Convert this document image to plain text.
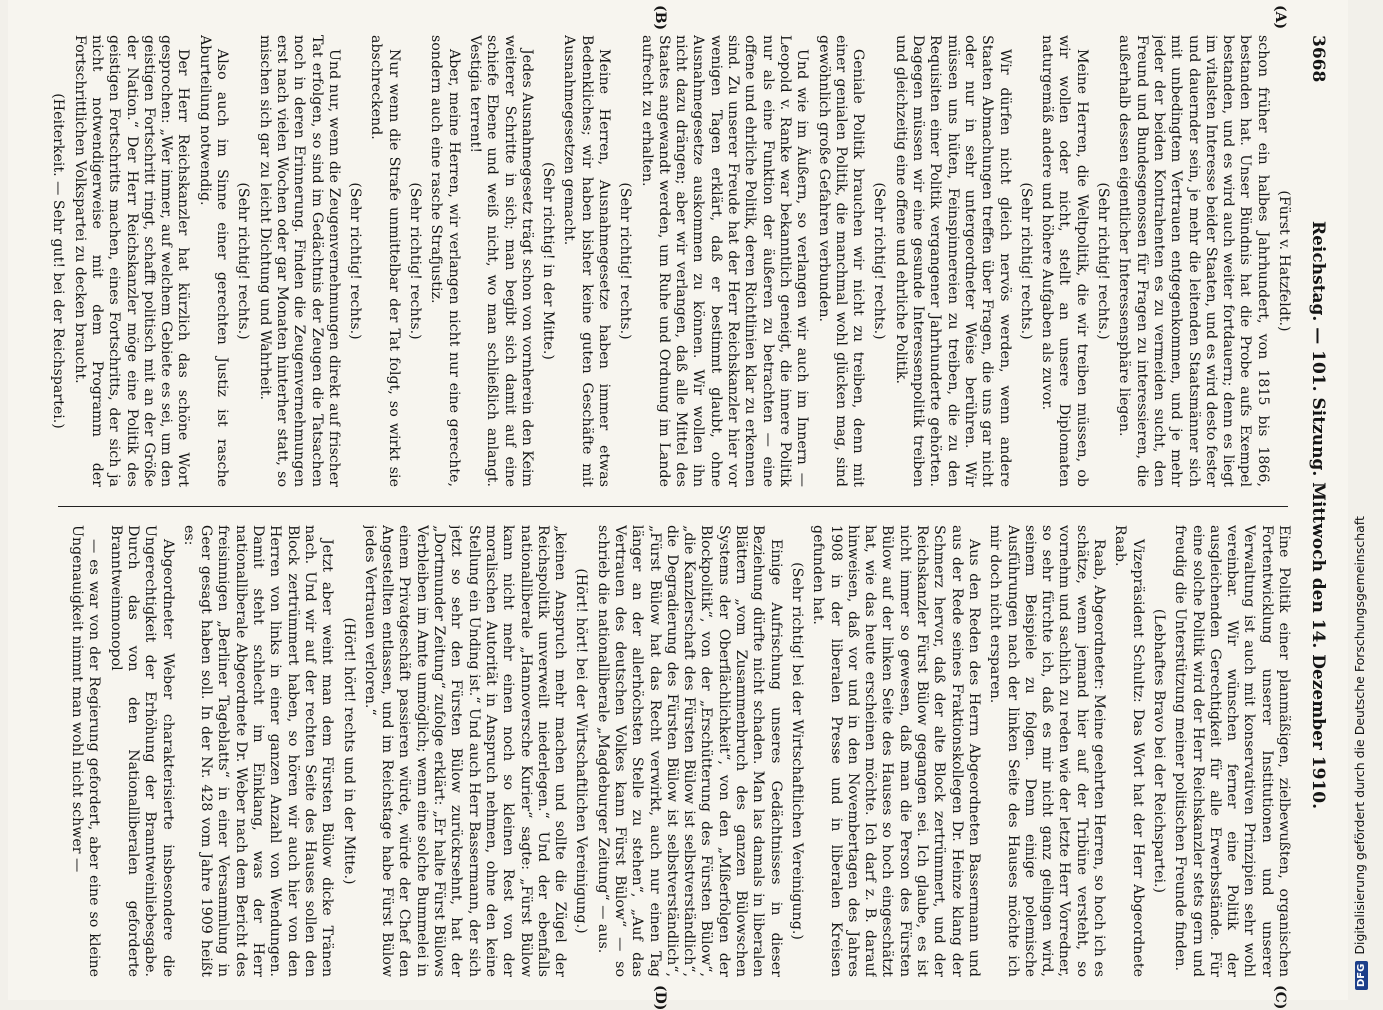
3668
Reichstag. — 101. Sitzung. Mittwoch den 14. Dezember 1910.
(A)
(B)
(C)
(D)

(Fürst v. Hatzfeldt.)

schon früher ein halbes Jahrhundert, von 1815 bis 1866, bestanden hat. Unser Bündnis hat die Probe aufs Exempel bestanden, und es wird auch weiter fortdauern; denn es liegt im vitalsten Interesse beider Staaten, und es wird desto fester und dauernder sein, je mehr die leitenden Staatsmänner sich mit unbedingtem Vertrauen entgegenkommen, und je mehr jeder der beiden Kontrahenten es zu vermeiden sucht, den Freund und Bundesgenossen für Fragen zu interessieren, die außerhalb dessen eigentlicher Interessensphäre liegen.

(Sehr richtig! rechts.)

Meine Herren, die Weltpolitik, die wir treiben müssen, ob wir wollen oder nicht, stellt an unsere Diplomaten naturgemäß andere und höhere Aufgaben als zuvor.

(Sehr richtig! rechts.)

Wir dürfen nicht gleich nervös werden, wenn andere Staaten Abmachungen treffen über Fragen, die uns gar nicht oder nur in sehr untergeordneter Weise berühren. Wir müssen uns hüten, Feinspinnereien zu treiben, die zu den Requisiten einer Politik vergangener Jahrhunderte gehörten. Dagegen müssen wir eine gesunde Interessenpolitik treiben und gleichzeitig eine offene und ehrliche Politik.

(Sehr richtig! rechts.)

Geniale Politik brauchen wir nicht zu treiben, denn mit einer genialen Politik, die manchmal wohl glücken mag, sind gewöhnlich große Gefahren verbunden.

Und wie im Äußern, so verlangen wir auch im Innern — Leopold v. Ranke war bekanntlich geneigt, die innere Politik nur als eine Funktion der äußeren zu betrachten — eine offene und ehrliche Politik, deren Richtlinien klar zu erkennen sind. Zu unserer Freude hat der Herr Reichskanzler hier vor wenigen Tagen erklärt, daß er bestimmt glaubt, ohne Ausnahmegesetze auskommen zu können. Wir wollen ihn nicht dazu drängen; aber wir verlangen, daß alle Mittel des Staates angewandt werden, um Ruhe und Ordnung im Lande aufrecht zu erhalten.

(Sehr richtig! rechts.)

Meine Herren, Ausnahmegesetze haben immer etwas Bedenkliches; wir haben bisher keine guten Geschäfte mit Ausnahmegesetzen gemacht.

(Sehr richtig! in der Mitte.)

Jedes Ausnahmegesetz trägt schon von vornherein den Keim weiterer Schritte in sich; man begibt sich damit auf eine schiefe Ebene und weiß nicht, wo man schließlich anlangt. Vestigia terrent!

Aber, meine Herren, wir verlangen nicht nur eine gerechte, sondern auch eine rasche Strafjustiz.

(Sehr richtig! rechts.)

Nur wenn die Strafe unmittelbar der Tat folgt, so wirkt sie abschreckend.

(Sehr richtig! rechts.)

Und nur, wenn die Zeugenvernehmungen direkt auf frischer Tat erfolgen, so sind im Gedächtnis der Zeugen die Tatsachen noch in deren Erinnerung. Finden die Zeugenvernehmungen erst nach vielen Wochen oder gar Monaten hinterher statt, so mischen sich gar zu leicht Dichtung und Wahrheit.

(Sehr richtig! rechts.)

Also auch im Sinne einer gerechten Justiz ist rasche Aburteilung notwendig.

Der Herr Reichskanzler hat kürzlich das schöne Wort gesprochen: „Wer immer, auf welchem Gebiete es sei, um den geistigen Fortschritt ringt, schafft politisch mit an der Größe der Nation.“ Der Herr Reichskanzler möge eine Politik des geistigen Fortschritts machen, eines Fortschritts, der sich ja nicht notwendigerweise mit dem Programm der Fortschrittlichen Volkspartei zu decken braucht.

(Heiterkeit. — Sehr gut! bei der Reichspartei.)

Eine Politik einer planmäßigen, zielbewußten, organischen Fortentwicklung unserer Institutionen und unserer Verwaltung ist auch mit konservativen Prinzipien sehr wohl vereinbar. Wir wünschen ferner eine Politik der ausgleichenden Gerechtigkeit für alle Erwerbsstände. Für eine solche Politik wird der Herr Reichskanzler stets gern und freudig die Unterstützung meiner politischen Freunde finden.

(Lebhaftes Bravo bei der Reichspartei.)

Vizepräsident Schultz: Das Wort hat der Herr Abgeordnete Raab.

Raab, Abgeordneter: Meine geehrten Herren, so hoch ich es schätze, wenn jemand hier auf der Tribüne versteht, so vornehm und sachlich zu reden wie der letzte Herr Vorredner, so sehr fürchte ich, daß es mir nicht ganz gelingen wird, seinem Beispiele zu folgen. Denn einige polemische Ausführungen nach der linken Seite des Hauses möchte ich mir doch nicht ersparen.

Aus den Reden des Herrn Abgeordneten Bassermann und aus der Rede seines Fraktionskollegen Dr. Heinze klang der Schmerz hervor, daß der alte Block zertrümmert, und der Reichskanzler Fürst Bülow gegangen sei. Ich glaube, es ist nicht immer so gewesen, daß man die Person des Fürsten Bülow auf der linken Seite des Hauses so hoch eingeschätzt hat, wie das heute erscheinen möchte. Ich darf z. B. darauf hinweisen, daß vor und in den Novembertagen des Jahres 1908 in der liberalen Presse und in liberalen Kreisen gefunden hat.

(Sehr richtig! bei der Wirtschaftlichen Vereinigung.)

Einige Aufrischung unseres Gedächtnisses in dieser Beziehung dürfte nicht schaden. Man las damals in liberalen Blättern „vom Zusammenbruch des ganzen Bülowschen Systems der Oberflächlichkeit“, von den „Mißerfolgen der Blockpolitik“, von der „Erschütterung des Fürsten Bülow“, „die Kanzlerschaft des Fürsten Bülow ist selbstverständlich“, die Degradierung des Fürsten Bülow ist selbstverständlich“, „Fürst Bülow hat das Recht verwirkt, auch nur einen Tag länger an der allerhöchsten Stelle zu stehen“, „Auf das Vertrauen des deutschen Volkes kann Fürst Bülow“ — so schrieb die nationalliberale „Magdeburger Zeitung“ — aus.

(Hört! hört! bei der Wirtschaftlichen Vereinigung.)

„keinen Anspruch mehr machen und sollte die Zügel der Reichspolitik unverweilt niederlegen.“ Und der ebenfalls nationalliberale „Hannoversche Kurier“ sagte: „Fürst Bülow kann nicht mehr einen noch so kleinen Rest von der moralischen Autorität in Anspruch nehmen, ohne den keine Stellung ein Unding ist.“ Und auch Herr Bassermann, der sich jetzt so sehr den Fürsten Bülow zurückrsehnt, hat der „Dortmunder Zeitung“ zufolge erklärt: „Er halte Fürst Bülows Verbleiben im Amte unmöglich; wenn eine solche Bummelei in einem Privatgeschäft passieren würde, würde der Chef den Angestellten entlassen, und im Reichstage habe Fürst Bülow jedes Vertrauen verloren.“

(Hört! hört! rechts und in der Mitte.)

Jetzt aber weint man dem Fürsten Bülow dicke Tränen nach. Und wir auf der rechten Seite des Hauses sollen den Block zertrümmert haben, so hören wir auch hier von den Herren von links in einer ganzen Anzahl von Wendungen. Damit steht schlecht im Einklang, was der Herr nationalliberale Abgeordnete Dr. Weber nach dem Bericht des freisinnigen „Berliner Tageblatts“ in einer Versammlung in Geer gesagt haben soll. In der Nr. 428 vom Jahre 1909 heißt es:

Abgeordneter Weber charakterisierte insbesondere die Ungerechtigkeit der Erhöhung der Branntweinliebesgabe. Durch das von den Nationalliberalen geforderte Branntweinmonopol

— es war von der Regierung gefordert, aber eine so kleine Ungenauigkeit nimmt man wohl nicht schwer —

DFGDigitalisierung gefördert durch die Deutsche Forschungsgemeinschaft
